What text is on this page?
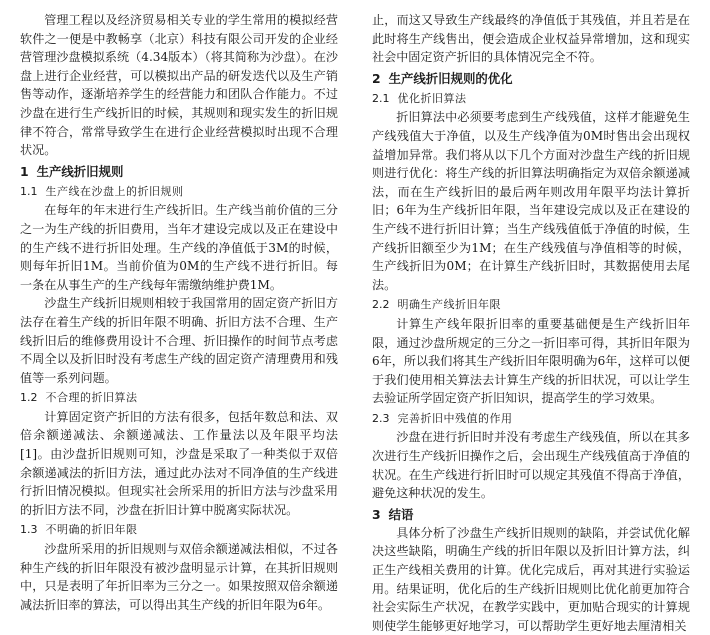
管理工程以及经济贸易相关专业的学生常用的模拟经营软件之一便是中教畅享（北京）科技有限公司开发的企业经营管理沙盘模拟系统（4.34版本）（将其简称为沙盘）。在沙盘上进行企业经营，可以模拟出产品的研发迭代以及生产销售等动作，逐渐培养学生的经营能力和团队合作能力。不过沙盘在进行生产线折旧的时候，其规则和现实发生的折旧规律不符合，常常导致学生在进行企业经营模拟时出现不合理状况。

1 生产线折旧规则
1.1 生产线在沙盘上的折旧规则

在每年的年末进行生产线折旧。生产线当前价值的三分之一为生产线的折旧费用，当年才建设完成以及正在建设中的生产线不进行折旧处理。生产线的净值低于3M的时候，则每年折旧1M。当前价值为0M的生产线不进行折旧。每一条在从事生产的生产线每年需缴纳维护费1M。

沙盘生产线折旧规则相较于我国常用的固定资产折旧方法存在着生产线的折旧年限不明确、折旧方法不合理、生产线折旧后的维修费用设计不合理、折旧操作的时间节点考虑不周全以及折旧时没有考虑生产线的固定资产清理费用和残值等一系列问题。

1.2 不合理的折旧算法

计算固定资产折旧的方法有很多，包括年数总和法、双倍余额递减法、余额递减法、工作量法以及年限平均法[1]。由沙盘折旧规则可知，沙盘是采取了一种类似于双倍余额递减法的折旧方法，通过此办法对不同净值的生产线进行折旧情况模拟。但现实社会所采用的折旧方法与沙盘采用的折旧方法不同，沙盘在折旧计算中脱离实际状况。

1.3 不明确的折旧年限

沙盘所采用的折旧规则与双倍余额递减法相似，不过各种生产线的折旧年限没有被沙盘明显示计算，在其折旧规则中，只是表明了年折旧率为三分之一。如果按照双倍余额递减法折旧率的算法，可以得出其生产线的折旧年限为6年。

止，而这又导致生产线最终的净值低于其残值，并且若是在此时将生产线售出，便会造成企业权益异常增加，这和现实社会中固定资产折旧的具体情况完全不符。

2 生产线折旧规则的优化
2.1 优化折旧算法

折旧算法中必须要考虑到生产线残值，这样才能避免生产线残值大于净值，以及生产线净值为0M时售出会出现权益增加异常。我们将从以下几个方面对沙盘生产线的折旧规则进行优化：将生产线的折旧算法明确指定为双倍余额递减法，而在生产线折旧的最后两年则改用年限平均法计算折旧；6年为生产线折旧年限，当年建设完成以及正在建设的生产线不进行折旧计算；当生产线残值低于净值的时候，生产线折旧额至少为1M；在生产线残值与净值相等的时候，生产线折旧为0M；在计算生产线折旧时，其数据使用去尾法。

2.2 明确生产线折旧年限

计算生产线年限折旧率的重要基础便是生产线折旧年限，通过沙盘所规定的三分之一折旧率可得，其折旧年限为6年，所以我们将其生产线折旧年限明确为6年，这样可以便于我们使用相关算法去计算生产线的折旧状况，可以让学生去验证所学固定资产折旧知识，提高学生的学习效果。

2.3 完善折旧中残值的作用

沙盘在进行折旧时并没有考虑生产线残值，所以在其多次进行生产线折旧操作之后，会出现生产线残值高于净值的状况。在生产线进行折旧时可以规定其残值不得高于净值，避免这种状况的发生。

3 结语

具体分析了沙盘生产线折旧规则的缺陷，并尝试优化解决这些缺陷，明确生产线的折旧年限以及折旧计算方法，纠正生产线相关费用的计算。优化完成后，再对其进行实验运用。结果证明，优化后的生产线折旧规则比优化前更加符合社会实际生产状况，在教学实践中，更加贴合现实的计算规则使学生能够更好地学习，可以帮助学生更好地去厘清相关
